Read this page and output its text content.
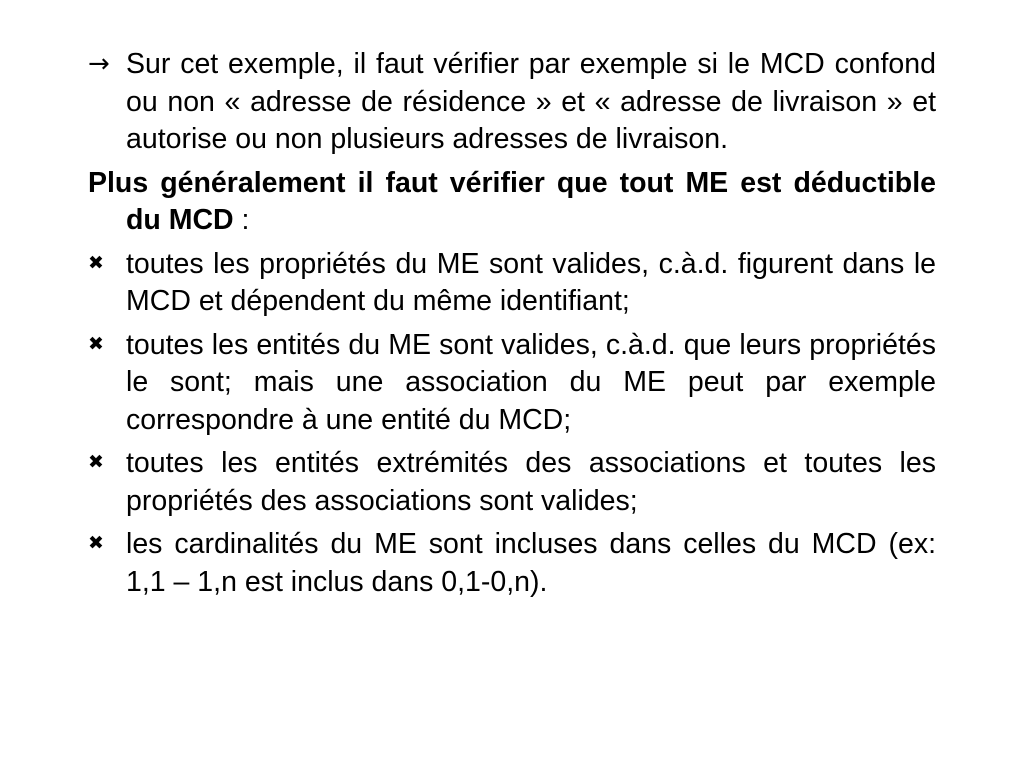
→ Sur cet exemple, il faut vérifier par exemple si le MCD confond ou non « adresse de résidence » et « adresse de livraison » et autorise ou non plusieurs adresses de livraison.

Plus généralement il faut vérifier que tout ME est déductible du MCD :

✖ toutes les propriétés du ME sont valides, c.à.d. figurent dans le MCD et dépendent du même identifiant;
✖ toutes les entités du ME sont valides, c.à.d. que leurs propriétés le sont; mais une association du ME peut par exemple correspondre à une entité du MCD;
✖ toutes les entités extrémités des associations et toutes les propriétés des associations sont valides;
✖ les cardinalités du ME sont incluses dans celles du MCD (ex: 1,1 – 1,n est inclus dans 0,1-0,n).
